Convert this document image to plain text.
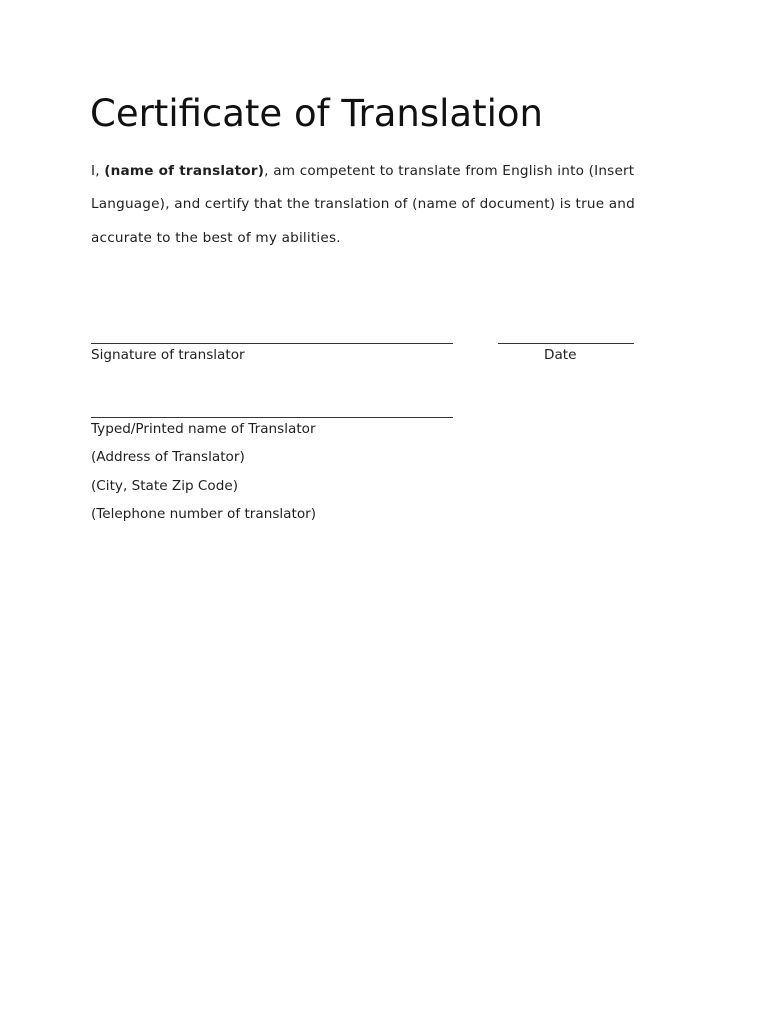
Certificate of Translation
I, (name of translator), am competent to translate from English into (Insert
Language), and certify that the translation of (name of document) is true and
accurate to the best of my abilities.
Signature of translator	Date
Typed/Printed name of Translator
(Address of Translator)
(City, State Zip Code)
(Telephone number of translator)
